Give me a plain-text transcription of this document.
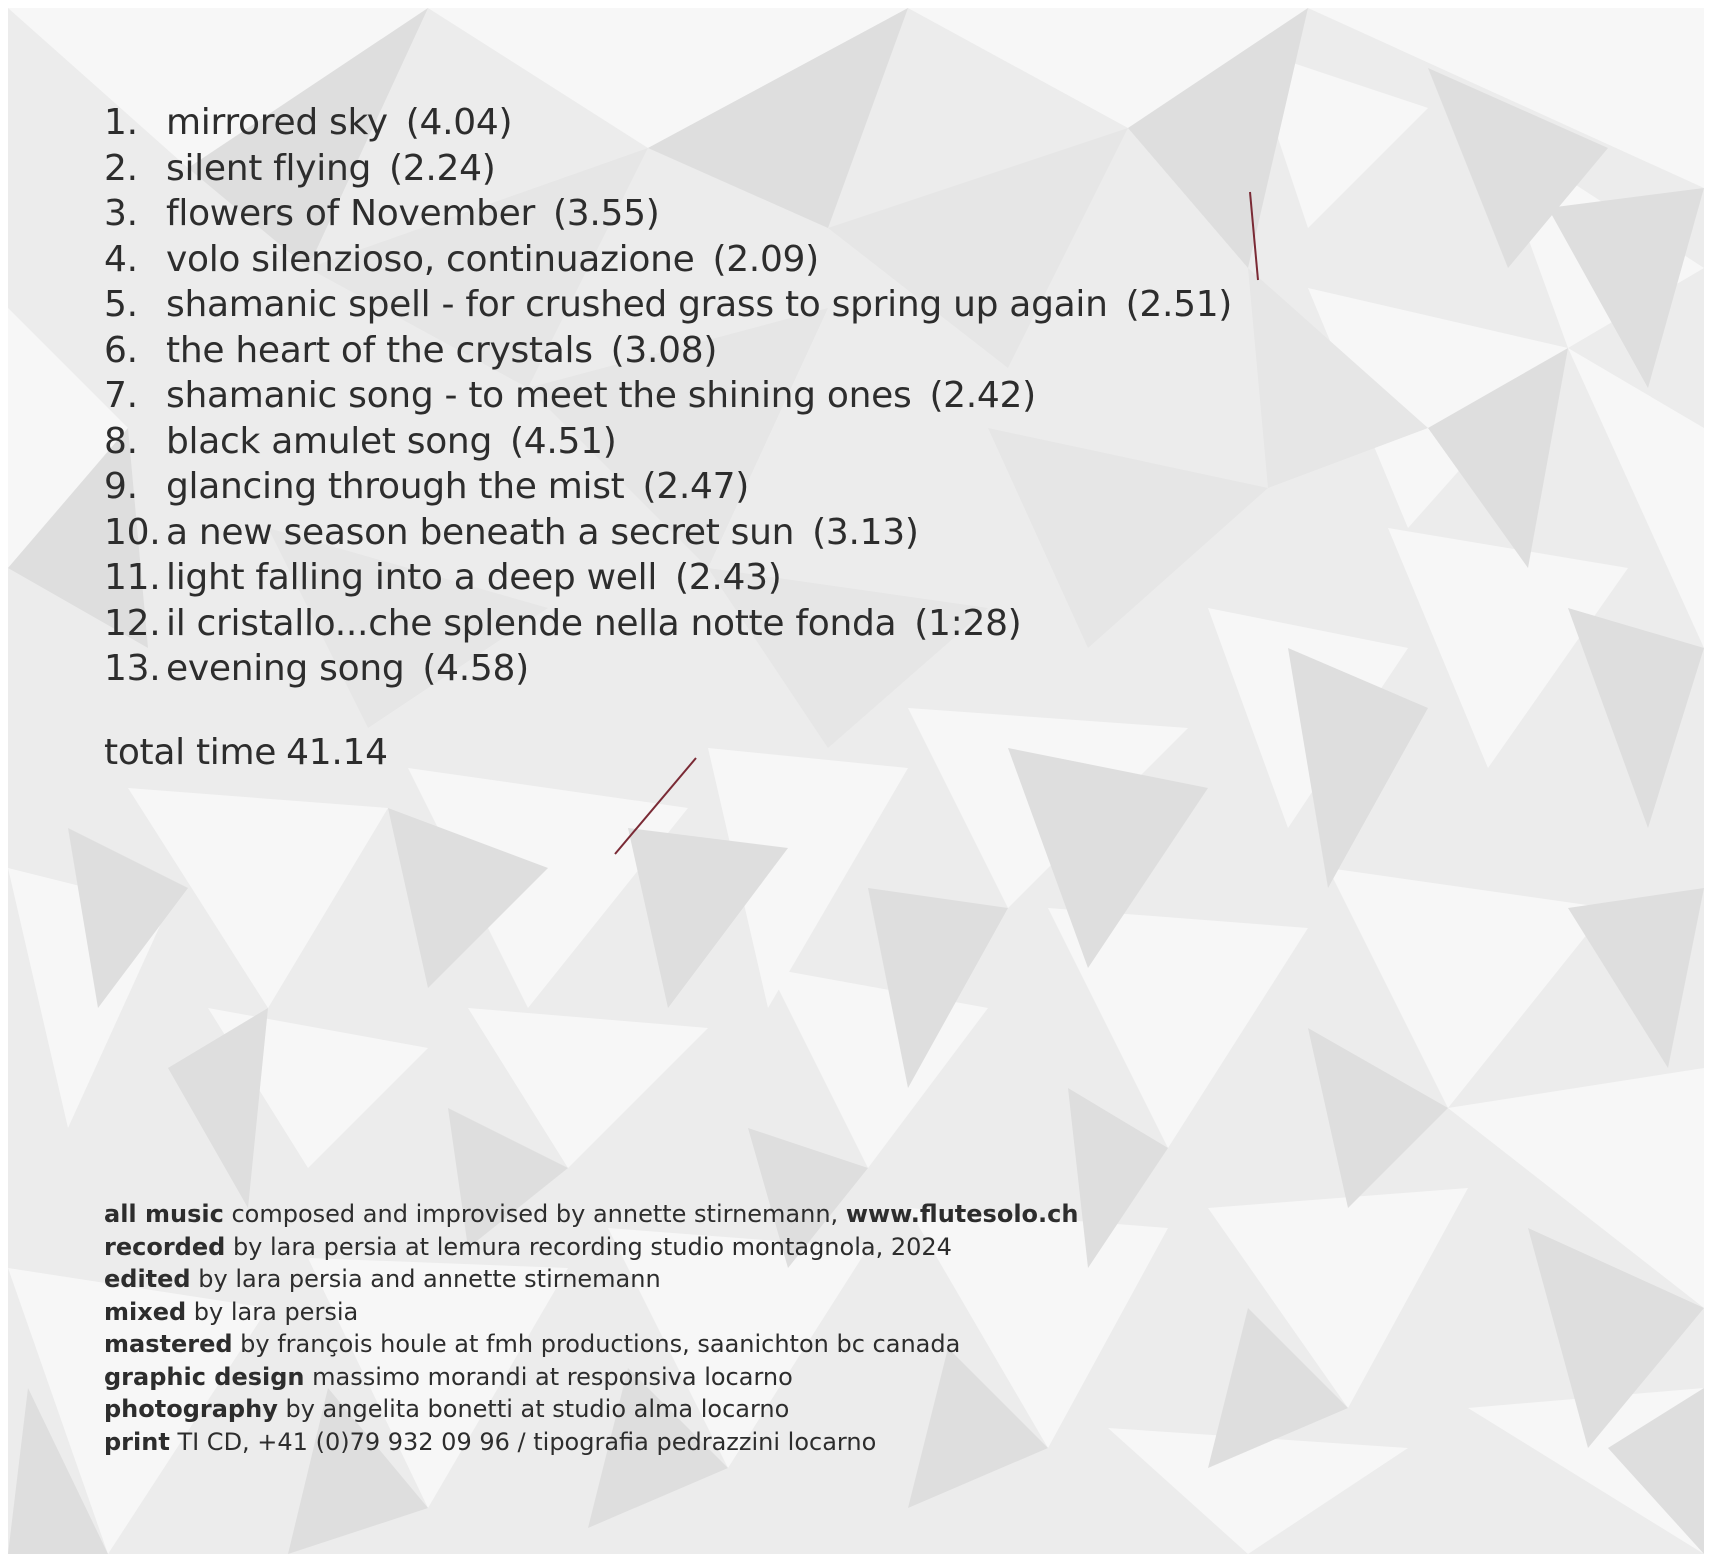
1. mirrored sky (4.04)
2. silent flying (2.24)
3. flowers of November (3.55)
4. volo silenzioso, continuazione (2.09)
5. shamanic spell - for crushed grass to spring up again (2.51)
6. the heart of the crystals (3.08)
7. shamanic song - to meet the shining ones (2.42)
8. black amulet song (4.51)
9. glancing through the mist (2.47)
10. a new season beneath a secret sun (3.13)
11. light falling into a deep well (2.43)
12. il cristallo...che splende nella notte fonda (1:28)
13. evening song (4.58)
total time 41.14
all music composed and improvised by annette stirnemann, www.flutesolo.ch
recorded by lara persia at lemura recording studio montagnola, 2024
edited by lara persia and annette stirnemann
mixed by lara persia
mastered by françois houle at fmh productions, saanichton bc canada
graphic design massimo morandi at responsiva locarno
photography by angelita bonetti at studio alma locarno
print TI CD, +41 (0)79 932 09 96 / tipografia pedrazzini locarno
